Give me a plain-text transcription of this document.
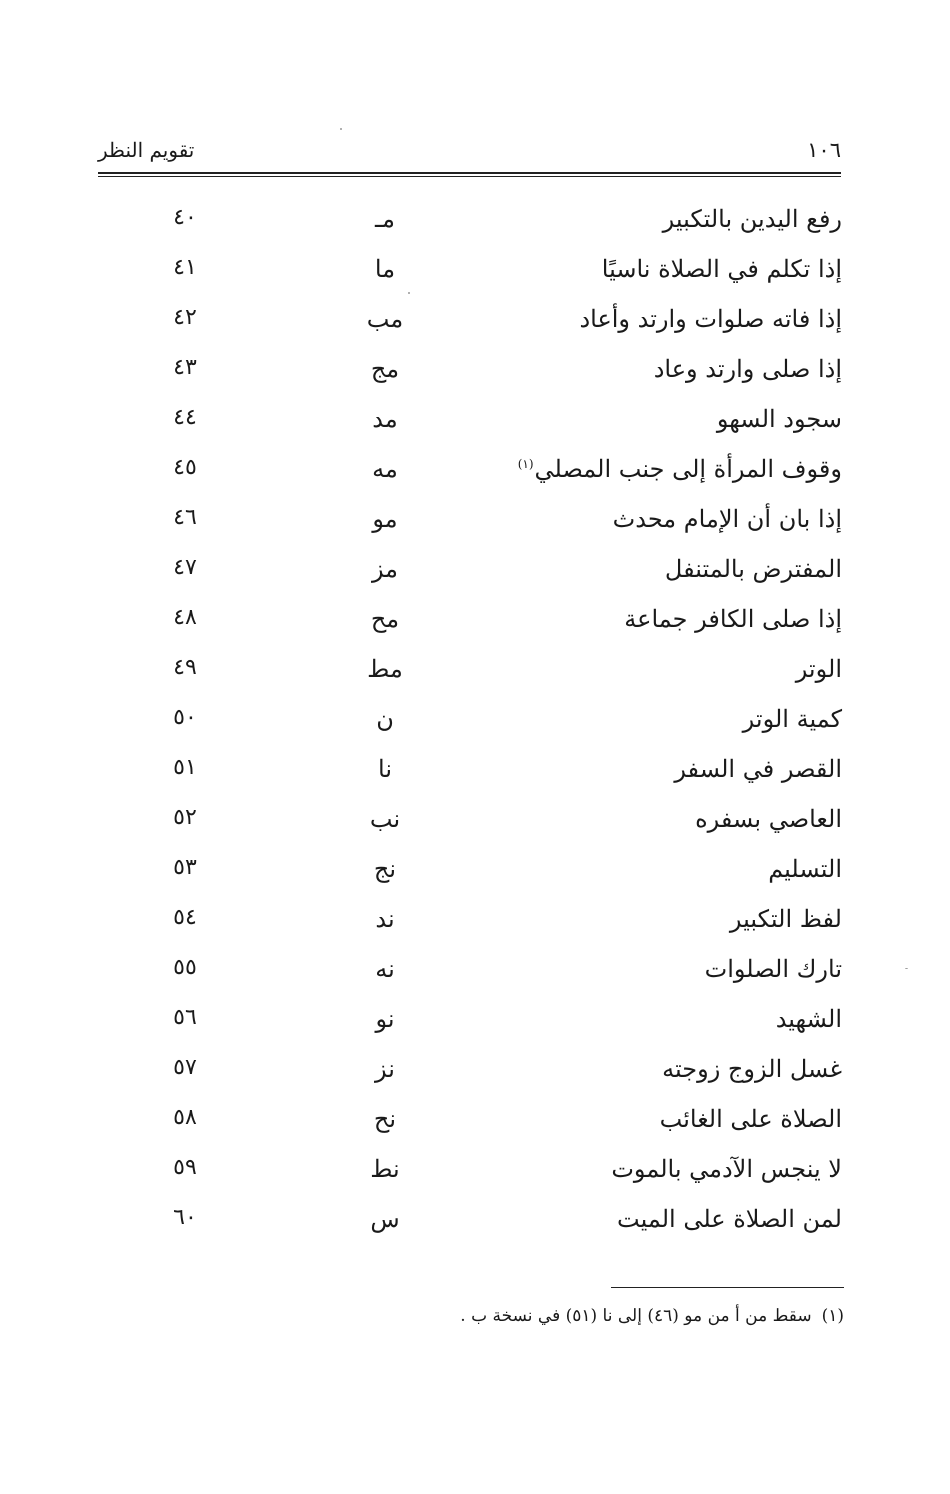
تقويم النظر	١٠٦
رفع اليدين بالتكبير
مـ
٤٠
إذا تكلم في الصلاة ناسيًا
ما
٤١
إذا فاته صلوات وارتد وأعاد
مب
٤٢
إذا صلى وارتد وعاد
مج
٤٣
سجود السهو
مد
٤٤
وقوف المرأة إلى جنب المصلي$^{(١)}$
مه
٤٥
إذا بان أن الإمام محدث
مو
٤٦
المفترض بالمتنفل
مز
٤٧
إذا صلى الكافر جماعة
مح
٤٨
الوتر
مط
٤٩
كمية الوتر
ن
٥٠
القصر في السفر
نا
٥١
العاصي بسفره
نب
٥٢
التسليم
نج
٥٣
لفظ التكبير
ند
٥٤
تارك الصلوات
نه
٥٥
الشهيد
نو
٥٦
غسل الزوج زوجته
نز
٥٧
الصلاة على الغائب
نح
٥٨
لا ينجس الآدمي بالموت
نط
٥٩
لمن الصلاة على الميت
س
٦٠
(١)سقط من أ من مو (٤٦) إلى نا (٥١) في نسخة ب .
